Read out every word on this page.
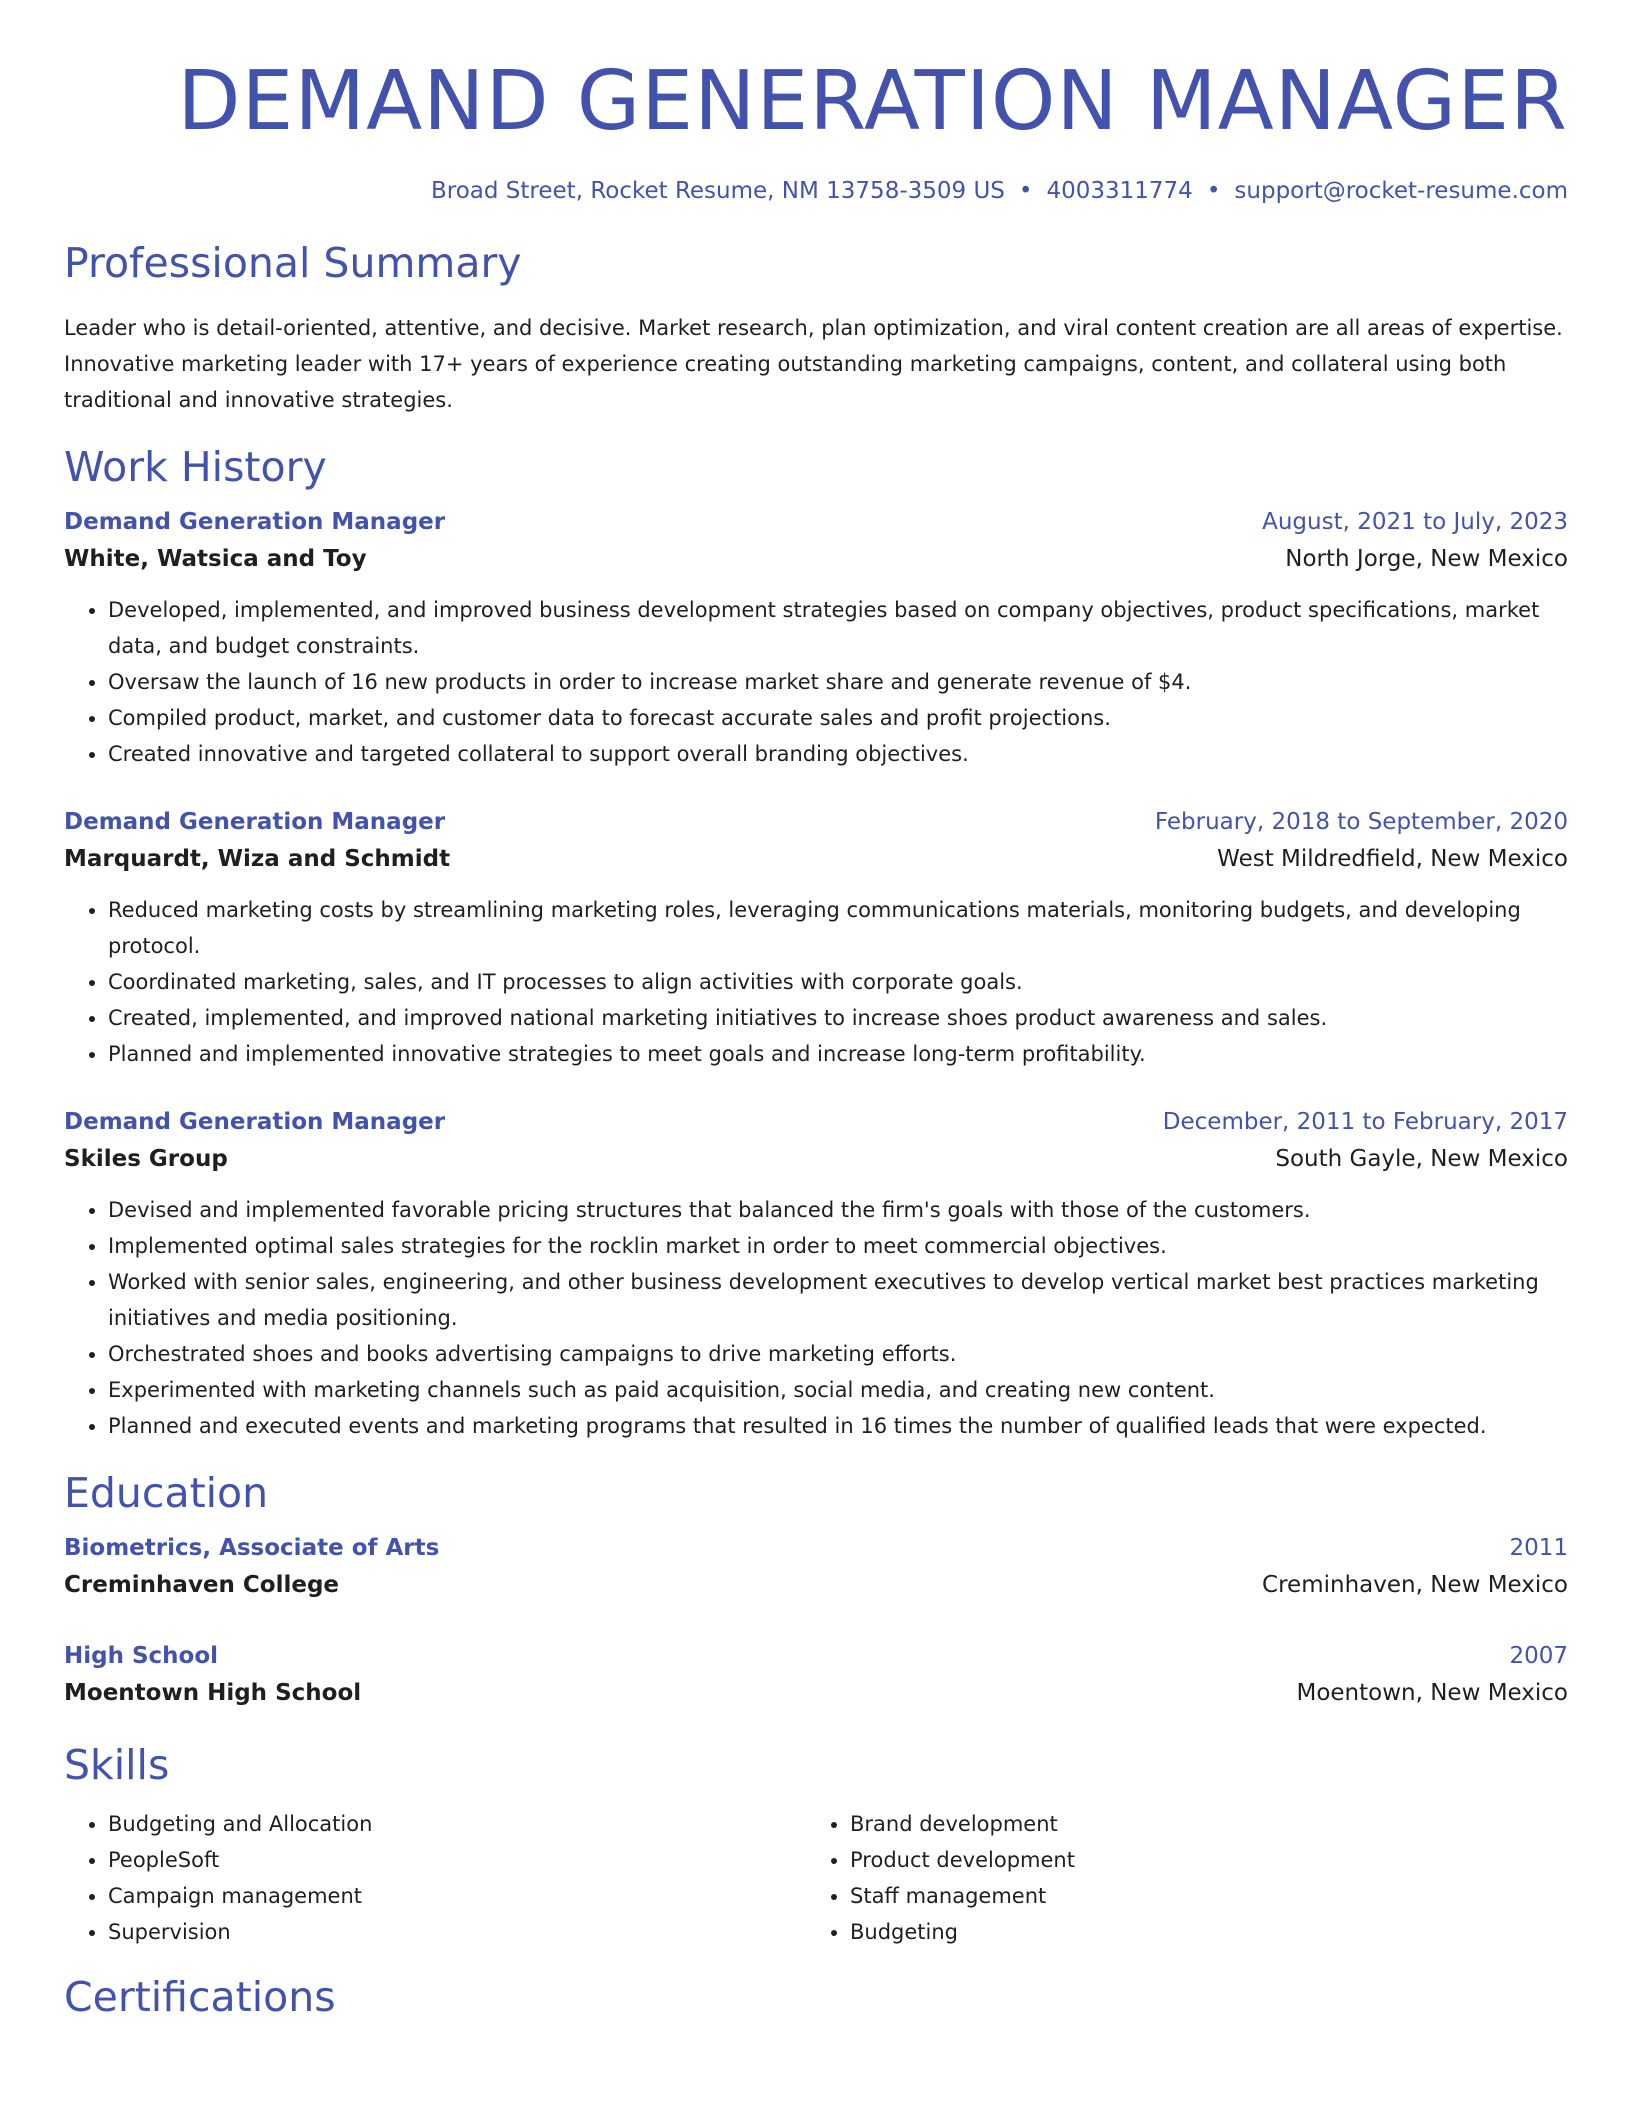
DEMAND GENERATION MANAGER
Broad Street, Rocket Resume, NM 13758-3509 US • 4003311774 • support@rocket-resume.com
Professional Summary
Leader who is detail-oriented, attentive, and decisive. Market research, plan optimization, and viral content creation are all areas of expertise. Innovative marketing leader with 17+ years of experience creating outstanding marketing campaigns, content, and collateral using both traditional and innovative strategies.
Work History
Demand Generation Manager	August, 2021 to July, 2023
White, Watsica and Toy	North Jorge, New Mexico
• Developed, implemented, and improved business development strategies based on company objectives, product specifications, market data, and budget constraints.
• Oversaw the launch of 16 new products in order to increase market share and generate revenue of $4.
• Compiled product, market, and customer data to forecast accurate sales and profit projections.
• Created innovative and targeted collateral to support overall branding objectives.
Demand Generation Manager	February, 2018 to September, 2020
Marquardt, Wiza and Schmidt	West Mildredfield, New Mexico
• Reduced marketing costs by streamlining marketing roles, leveraging communications materials, monitoring budgets, and developing protocol.
• Coordinated marketing, sales, and IT processes to align activities with corporate goals.
• Created, implemented, and improved national marketing initiatives to increase shoes product awareness and sales.
• Planned and implemented innovative strategies to meet goals and increase long-term profitability.
Demand Generation Manager	December, 2011 to February, 2017
Skiles Group	South Gayle, New Mexico
• Devised and implemented favorable pricing structures that balanced the firm's goals with those of the customers.
• Implemented optimal sales strategies for the rocklin market in order to meet commercial objectives.
• Worked with senior sales, engineering, and other business development executives to develop vertical market best practices marketing initiatives and media positioning.
• Orchestrated shoes and books advertising campaigns to drive marketing efforts.
• Experimented with marketing channels such as paid acquisition, social media, and creating new content.
• Planned and executed events and marketing programs that resulted in 16 times the number of qualified leads that were expected.
Education
Biometrics, Associate of Arts	2011
Creminhaven College	Creminhaven, New Mexico
High School	2007
Moentown High School	Moentown, New Mexico
Skills
• Budgeting and Allocation
• PeopleSoft
• Campaign management
• Supervision
• Brand development
• Product development
• Staff management
• Budgeting
Certifications
